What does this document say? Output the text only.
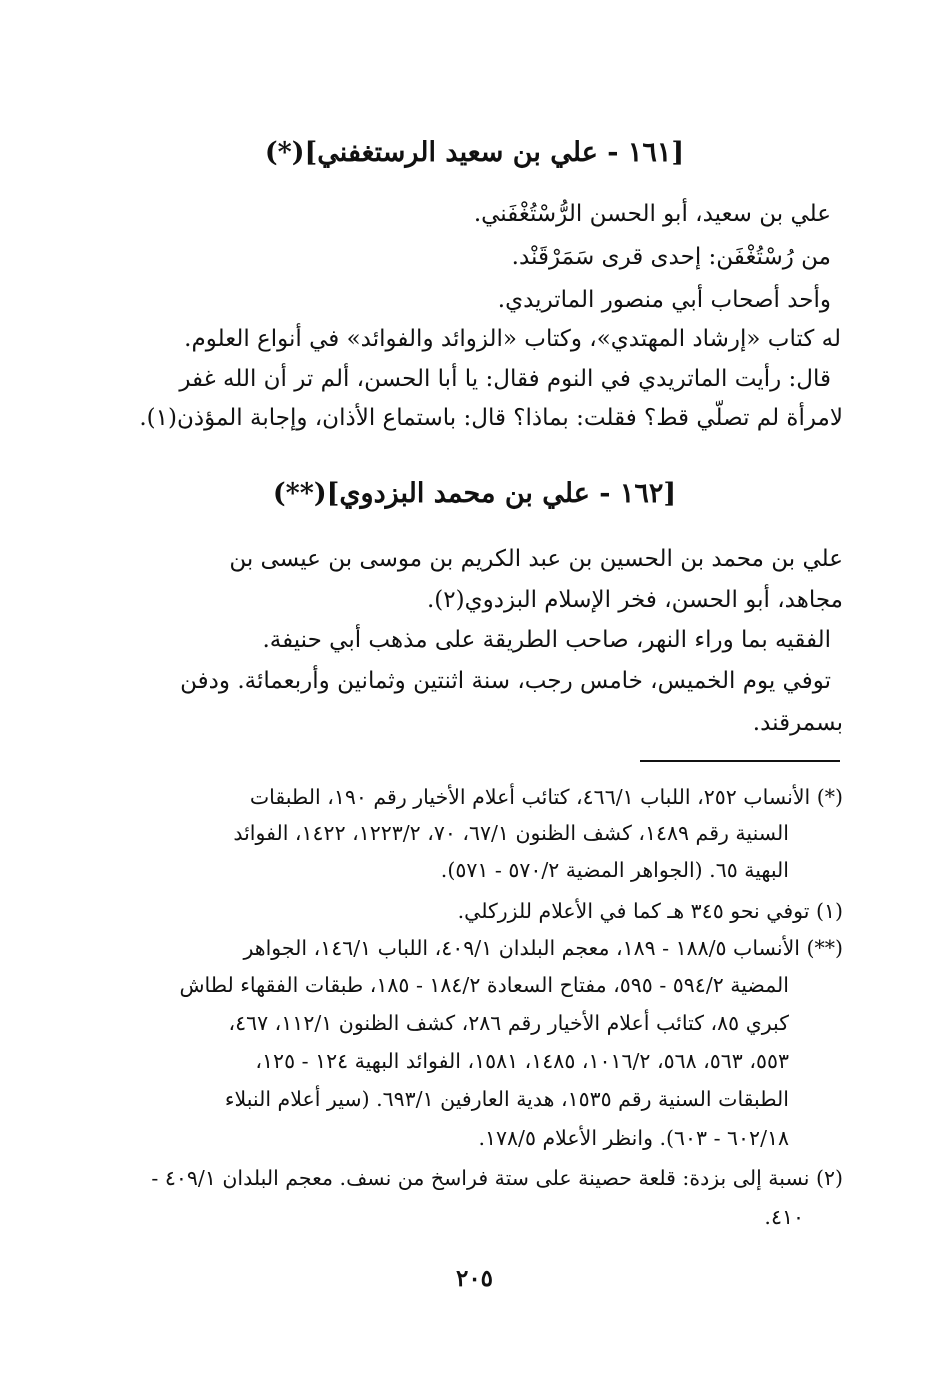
[١٦١ - علي بن سعيد الرستغفني](*)
علي بن سعيد، أبو الحسن الرُّسْتُغْفَني.
من رُسْتُغْفَن: إحدى قرى سَمَرْقَنْد.
وأحد أصحاب أبي منصور الماتريدي.
له كتاب «إرشاد المهتدي»، وكتاب «الزوائد والفوائد» في أنواع العلوم.
قال: رأيت الماتريدي في النوم فقال: يا أبا الحسن، ألم تر أن الله غفر
لامرأة لم تصلّي قط؟ فقلت: بماذا؟ قال: باستماع الأذان، وإجابة المؤذن(١).
[١٦٢ - علي بن محمد البزدوي](**)
علي بن محمد بن الحسين بن عبد الكريم بن موسى بن عيسى بن
مجاهد، أبو الحسن، فخر الإسلام البزدوي(٢).
الفقيه بما وراء النهر، صاحب الطريقة على مذهب أبي حنيفة.
توفي يوم الخميس، خامس رجب، سنة اثنتين وثمانين وأربعمائة. ودفن
بسمرقند.
(*) الأنساب ٢٥٢، اللباب ٤٦٦/١، كتائب أعلام الأخيار رقم ١٩٠، الطبقات
السنية رقم ١٤٨٩، كشف الظنون ٦٧/١، ٧٠، ١٢٢٣/٢، ١٤٢٢، الفوائد
البهية ٦٥. (الجواهر المضية ٥٧٠/٢ - ٥٧١).
(١) توفي نحو ٣٤٥ هـ كما في الأعلام للزركلي.
(**) الأنساب ١٨٨/٥ - ١٨٩، معجم البلدان ٤٠٩/١، اللباب ١٤٦/١، الجواهر
المضية ٥٩٤/٢ - ٥٩٥، مفتاح السعادة ١٨٤/٢ - ١٨٥، طبقات الفقهاء لطاش
كبري ٨٥، كتائب أعلام الأخيار رقم ٢٨٦، كشف الظنون ١١٢/١، ٤٦٧،
٥٥٣، ٥٦٣، ٥٦٨، ١٠١٦/٢، ١٤٨٥، ١٥٨١، الفوائد البهية ١٢٤ - ١٢٥،
الطبقات السنية رقم ١٥٣٥، هدية العارفين ٦٩٣/١. (سير أعلام النبلاء
٦٠٢/١٨ - ٦٠٣). وانظر الأعلام ١٧٨/٥.
(٢) نسبة إلى بزدة: قلعة حصينة على ستة فراسخ من نسف. معجم البلدان ٤٠٩/١ -
٤١٠.
٢٠٥
